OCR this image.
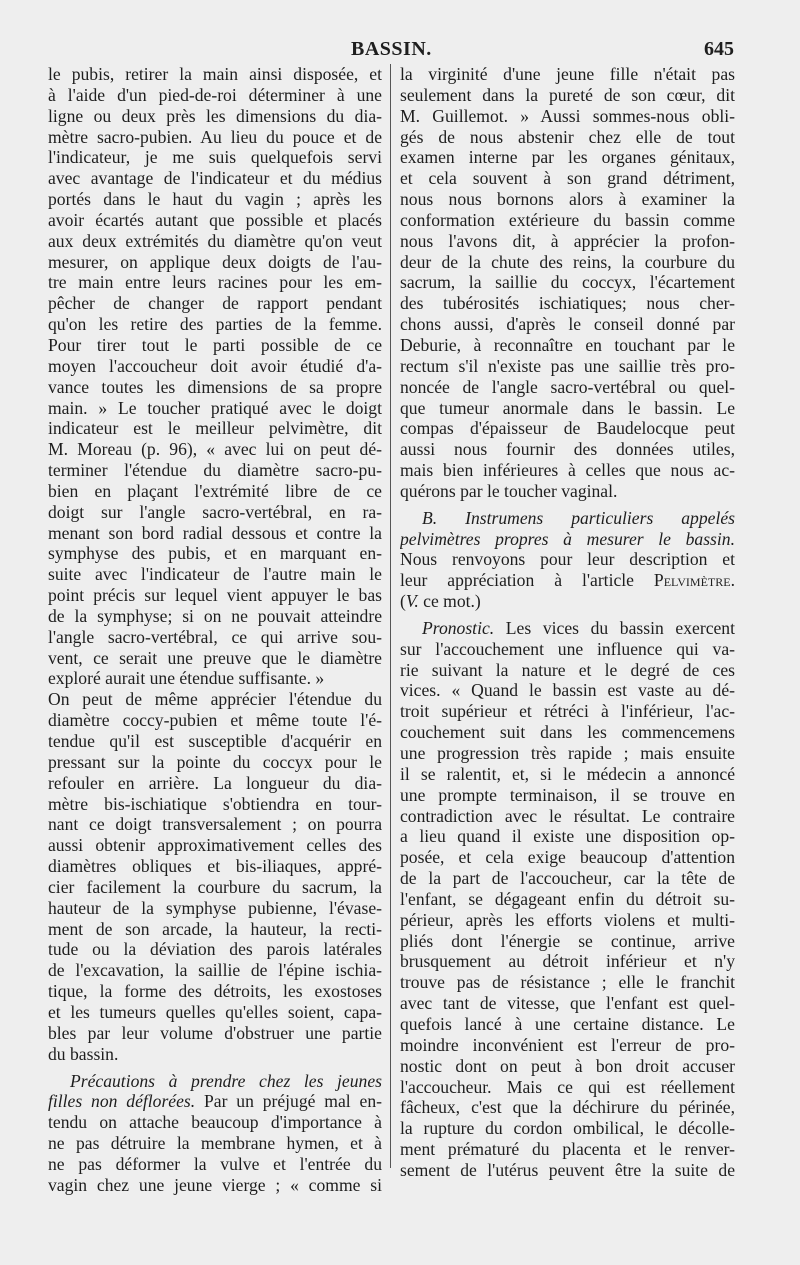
BASSIN.	645
le pubis, retirer la main ainsi disposée, et
à l'aide d'un pied-de-roi déterminer à une
ligne ou deux près les dimensions du dia-
mètre sacro-pubien. Au lieu du pouce et de
l'indicateur, je me suis quelquefois servi
avec avantage de l'indicateur et du médius
portés dans le haut du vagin ; après les
avoir écartés autant que possible et placés
aux deux extrémités du diamètre qu'on veut
mesurer, on applique deux doigts de l'au-
tre main entre leurs racines pour les em-
pêcher de changer de rapport pendant
qu'on les retire des parties de la femme.
Pour tirer tout le parti possible de ce
moyen l'accoucheur doit avoir étudié d'a-
vance toutes les dimensions de sa propre
main. » Le toucher pratiqué avec le doigt
indicateur est le meilleur pelvimètre, dit
M. Moreau (p. 96), « avec lui on peut dé-
terminer l'étendue du diamètre sacro-pu-
bien en plaçant l'extrémité libre de ce
doigt sur l'angle sacro-vertébral, en ra-
menant son bord radial dessous et contre la
symphyse des pubis, et en marquant en-
suite avec l'indicateur de l'autre main le
point précis sur lequel vient appuyer le bas
de la symphyse; si on ne pouvait atteindre
l'angle sacro-vertébral, ce qui arrive sou-
vent, ce serait une preuve que le diamètre
exploré aurait une étendue suffisante. »
On peut de même apprécier l'étendue du
diamètre coccy-pubien et même toute l'é-
tendue qu'il est susceptible d'acquérir en
pressant sur la pointe du coccyx pour le
refouler en arrière. La longueur du dia-
mètre bis-ischiatique s'obtiendra en tour-
nant ce doigt transversalement ; on pourra
aussi obtenir approximativement celles des
diamètres obliques et bis-iliaques, appré-
cier facilement la courbure du sacrum, la
hauteur de la symphyse pubienne, l'évase-
ment de son arcade, la hauteur, la recti-
tude ou la déviation des parois latérales
de l'excavation, la saillie de l'épine ischia-
tique, la forme des détroits, les exostoses
et les tumeurs quelles qu'elles soient, capa-
bles par leur volume d'obstruer une partie
du bassin.
Précautions à prendre chez les jeunes
filles non déflorées. Par un préjugé mal en-
tendu on attache beaucoup d'importance à
ne pas détruire la membrane hymen, et à
ne pas déformer la vulve et l'entrée du
vagin chez une jeune vierge ; « comme si
la virginité d'une jeune fille n'était pas
seulement dans la pureté de son cœur, dit
M. Guillemot. » Aussi sommes-nous obli-
gés de nous abstenir chez elle de tout
examen interne par les organes génitaux,
et cela souvent à son grand détriment,
nous nous bornons alors à examiner la
conformation extérieure du bassin comme
nous l'avons dit, à apprécier la profon-
deur de la chute des reins, la courbure du
sacrum, la saillie du coccyx, l'écartement
des tubérosités ischiatiques; nous cher-
chons aussi, d'après le conseil donné par
Deburie, à reconnaître en touchant par le
rectum s'il n'existe pas une saillie très pro-
noncée de l'angle sacro-vertébral ou quel-
que tumeur anormale dans le bassin. Le
compas d'épaisseur de Baudelocque peut
aussi nous fournir des données utiles,
mais bien inférieures à celles que nous ac-
quérons par le toucher vaginal.
B. Instrumens particuliers appelés
pelvimètres propres à mesurer le bassin.
Nous renvoyons pour leur description et
leur appréciation à l'article Pelvimètre.
(V. ce mot.)
Pronostic. Les vices du bassin exercent
sur l'accouchement une influence qui va-
rie suivant la nature et le degré de ces
vices. « Quand le bassin est vaste au dé-
troit supérieur et rétréci à l'inférieur, l'ac-
couchement suit dans les commencemens
une progression très rapide ; mais ensuite
il se ralentit, et, si le médecin a annoncé
une prompte terminaison, il se trouve en
contradiction avec le résultat. Le contraire
a lieu quand il existe une disposition op-
posée, et cela exige beaucoup d'attention
de la part de l'accoucheur, car la tête de
l'enfant, se dégageant enfin du détroit su-
périeur, après les efforts violens et multi-
pliés dont l'énergie se continue, arrive
brusquement au détroit inférieur et n'y
trouve pas de résistance ; elle le franchit
avec tant de vitesse, que l'enfant est quel-
quefois lancé à une certaine distance. Le
moindre inconvénient est l'erreur de pro-
nostic dont on peut à bon droit accuser
l'accoucheur. Mais ce qui est réellement
fâcheux, c'est que la déchirure du périnée,
la rupture du cordon ombilical, le décolle-
ment prématuré du placenta et le renver-
sement de l'utérus peuvent être la suite de
